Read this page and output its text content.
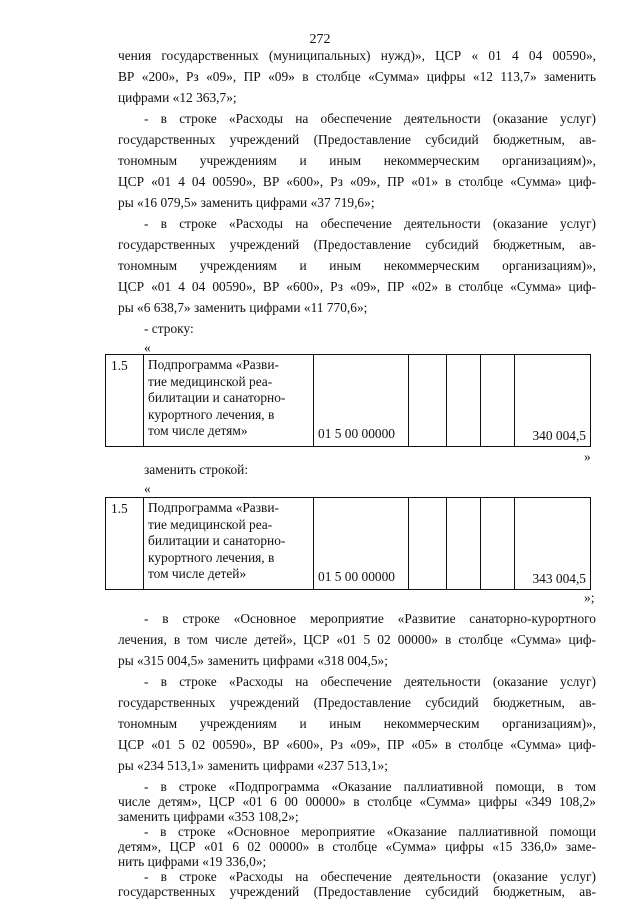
272
чения государственных (муниципальных) нужд)», ЦСР « 01 4 04 00590»,
ВР «200», Рз «09», ПР «09» в столбце «Сумма» цифры «12 113,7» заменить
цифрами «12 363,7»;
- в строке «Расходы на обеспечение деятельности (оказание услуг)
государственных учреждений (Предоставление субсидий бюджетным, ав-
тономным учреждениям и иным некоммерческим организациям)»,
ЦСР «01 4 04 00590», ВР «600», Рз «09», ПР «01» в столбце «Сумма» циф-
ры «16 079,5» заменить цифрами «37 719,6»;
- в строке «Расходы на обеспечение деятельности (оказание услуг)
государственных учреждений (Предоставление субсидий бюджетным, ав-
тономным учреждениям и иным некоммерческим организациям)»,
ЦСР «01 4 04 00590», ВР «600», Рз «09», ПР «02» в столбце «Сумма» циф-
ры «6 638,7» заменить цифрами «11 770,6»;
- строку:
«
1.5	Подпрограмма «Разви-
тие медицинской реа-
билитации и санаторно-
курортного лечения, в
том числе детям»	01 5 00 00000				340 004,5
»
заменить строкой:
«
1.5	Подпрограмма «Разви-
тие медицинской реа-
билитации и санаторно-
курортного лечения, в
том числе детей»	01 5 00 00000				343 004,5
»;
- в строке «Основное мероприятие «Развитие санаторно-курортного
лечения, в том числе детей», ЦСР «01 5 02 00000» в столбце «Сумма» циф-
ры «315 004,5» заменить цифрами «318 004,5»;
- в строке «Расходы на обеспечение деятельности (оказание услуг)
государственных учреждений (Предоставление субсидий бюджетным, ав-
тономным учреждениям и иным некоммерческим организациям)»,
ЦСР «01 5 02 00590», ВР «600», Рз «09», ПР «05» в столбце «Сумма» циф-
ры «234 513,1» заменить цифрами «237 513,1»;
- в строке «Подпрограмма «Оказание паллиативной помощи, в том
числе детям», ЦСР «01 6 00 00000» в столбце «Сумма» цифры «349 108,2»
заменить цифрами «353 108,2»;
- в строке «Основное мероприятие «Оказание паллиативной помощи
детям», ЦСР «01 6 02 00000» в столбце «Сумма» цифры «15 336,0» заме-
нить цифрами «19 336,0»;
- в строке «Расходы на обеспечение деятельности (оказание услуг)
государственных учреждений (Предоставление субсидий бюджетным, ав-
